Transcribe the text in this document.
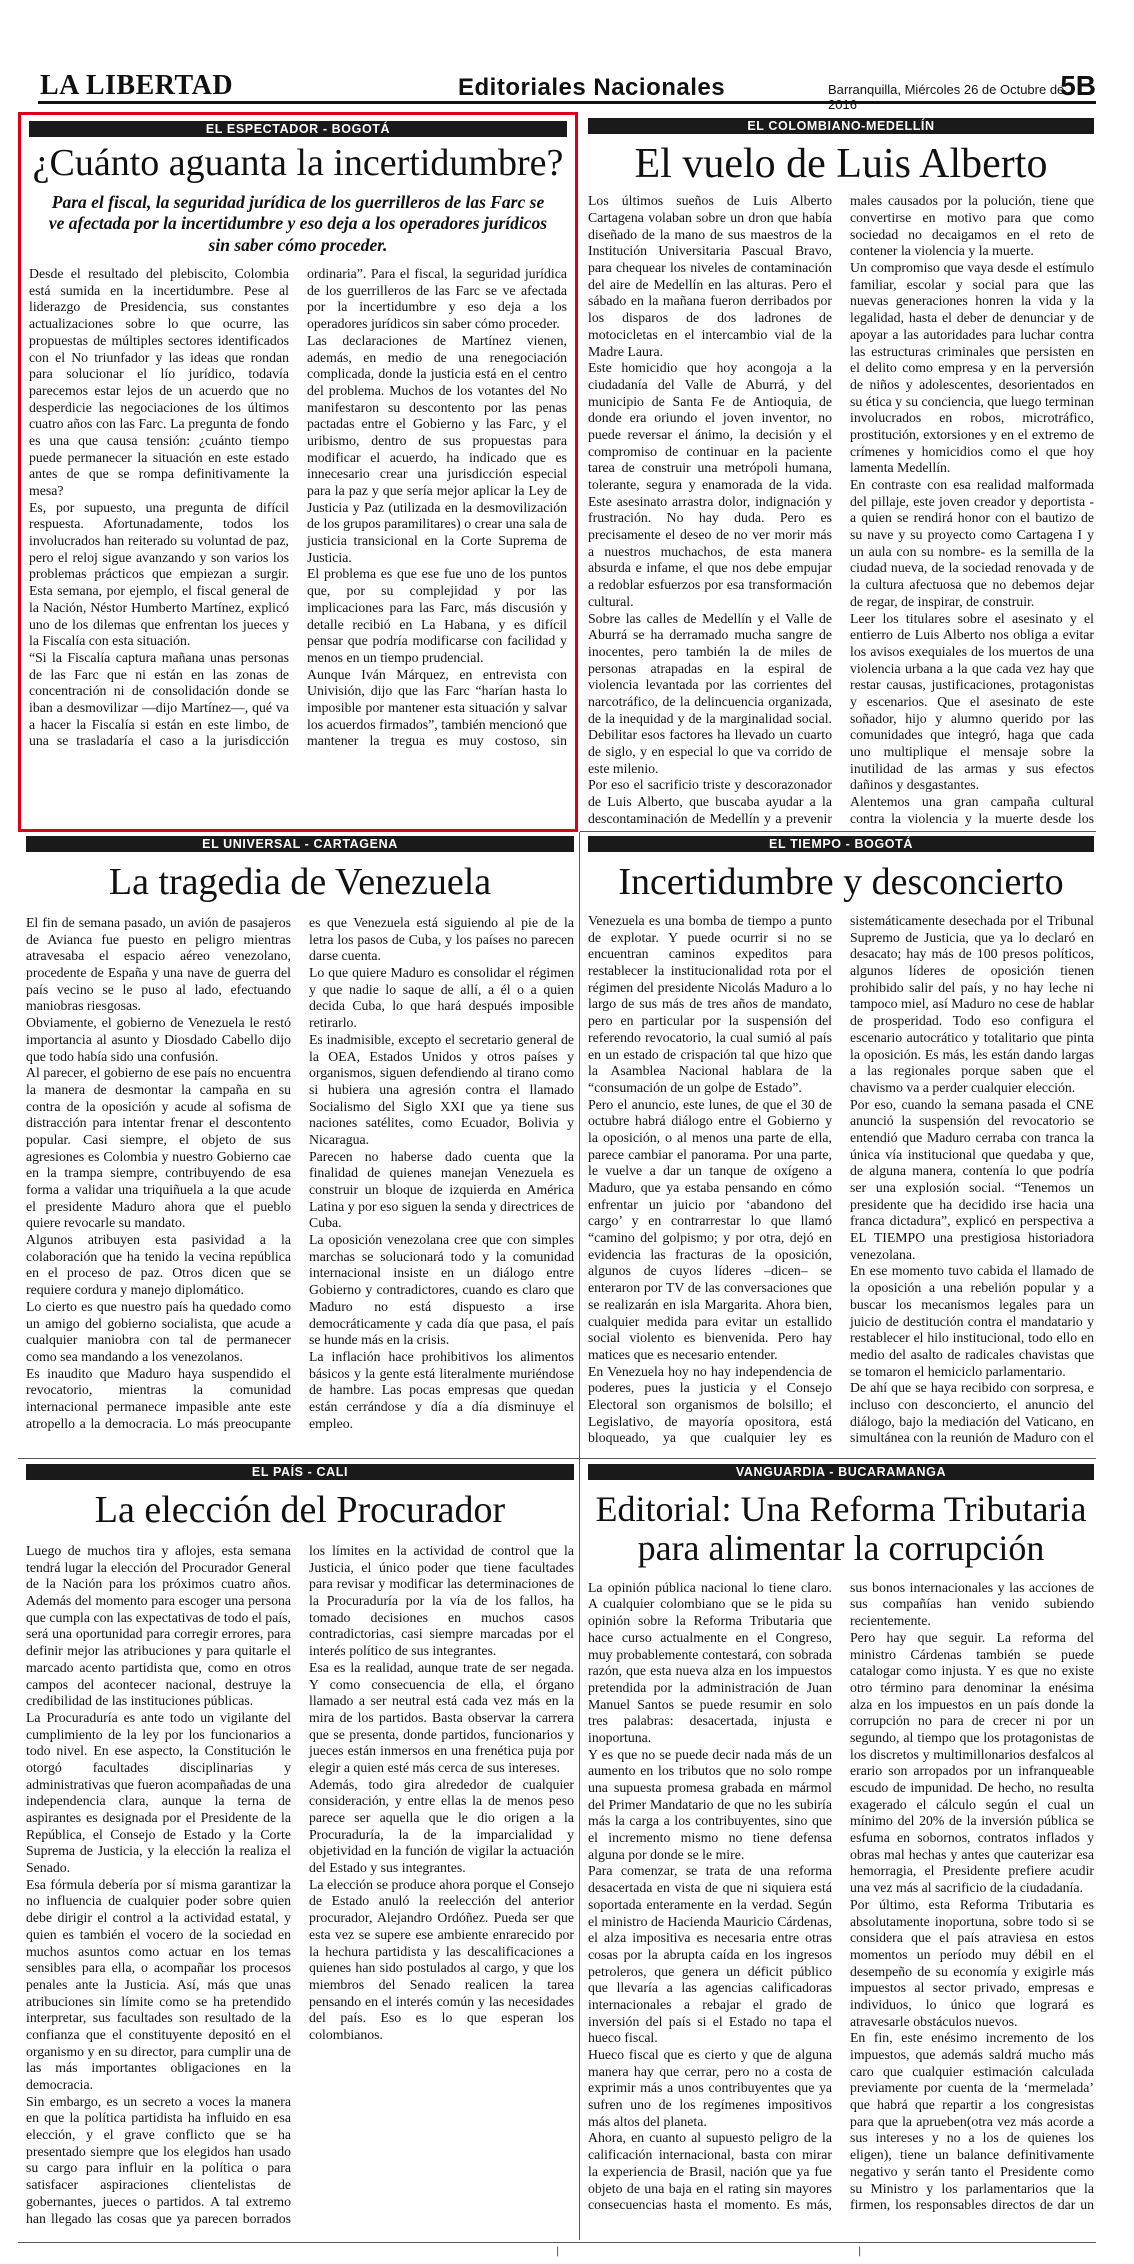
LA LIBERTAD	Editoriales Nacionales	Barranquilla, Miércoles 26 de Octubre de 2016
5B
EL ESPECTADOR - BOGOTÁ
¿Cuánto aguanta la incertidumbre?

Para el fiscal, la seguridad jurídica de los guerrilleros de las Farc se ve afectada por la incertidumbre y eso deja a los operadores jurídicos sin saber cómo proceder.

Desde el resultado del plebiscito, Colombia está sumida en la incertidumbre. Pese al liderazgo de Presidencia, sus constantes actualizaciones sobre lo que ocurre, las propuestas de múltiples sectores identificados con el No triunfador y las ideas que rondan para solucionar el lío jurídico, todavía parecemos estar lejos de un acuerdo que no desperdicie las negociaciones de los últimos cuatro años con las Farc. La pregunta de fondo es una que causa tensión: ¿cuánto tiempo puede permanecer la situación en este estado antes de que se rompa definitivamente la mesa?

Es, por supuesto, una pregunta de difícil respuesta. Afortunadamente, todos los involucrados han reiterado su voluntad de paz, pero el reloj sigue avanzando y son varios los problemas prácticos que empiezan a surgir. Esta semana, por ejemplo, el fiscal general de la Nación, Néstor Humberto Martínez, explicó uno de los dilemas que enfrentan los jueces y la Fiscalía con esta situación.

“Si la Fiscalía captura mañana unas personas de las Farc que ni están en las zonas de concentración ni de consolidación donde se iban a desmovilizar —dijo Martínez—, qué va a hacer la Fiscalía si están en este limbo, de una se trasladaría el caso a la jurisdicción ordinaria”. Para el fiscal, la seguridad jurídica de los guerrilleros de las Farc se ve afectada por la incertidumbre y eso deja a los operadores jurídicos sin saber cómo proceder.

Las declaraciones de Martínez vienen, además, en medio de una renegociación complicada, donde la justicia está en el centro del problema. Muchos de los votantes del No manifestaron su descontento por las penas pactadas entre el Gobierno y las Farc, y el uribismo, dentro de sus propuestas para modificar el acuerdo, ha indicado que es innecesario crear una jurisdicción especial para la paz y que sería mejor aplicar la Ley de Justicia y Paz (utilizada en la desmovilización de los grupos paramilitares) o crear una sala de justicia transicional en la Corte Suprema de Justicia.

El problema es que ese fue uno de los puntos que, por su complejidad y por las implicaciones para las Farc, más discusión y detalle recibió en La Habana, y es difícil pensar que podría modificarse con facilidad y menos en un tiempo prudencial.

Aunque Iván Márquez, en entrevista con Univisión, dijo que las Farc “harían hasta lo imposible por mantener esta situación y salvar los acuerdos firmados”, también mencionó que mantener la tregua es muy costoso, sin

EL COLOMBIANO-MEDELLÍN
El vuelo de Luis Alberto

Los últimos sueños de Luis Alberto Cartagena volaban sobre un dron que había diseñado de la mano de sus maestros de la Institución Universitaria Pascual Bravo, para chequear los niveles de contaminación del aire de Medellín en las alturas. Pero el sábado en la mañana fueron derribados por los disparos de dos ladrones de motocicletas en el intercambio vial de la Madre Laura.

Este homicidio que hoy acongoja a la ciudadanía del Valle de Aburrá, y del municipio de Santa Fe de Antioquia, de donde era oriundo el joven inventor, no puede reversar el ánimo, la decisión y el compromiso de continuar en la paciente tarea de construir una metrópoli humana, tolerante, segura y enamorada de la vida. Este asesinato arrastra dolor, indignación y frustración. No hay duda. Pero es precisamente el deseo de no ver morir más a nuestros muchachos, de esta manera absurda e infame, el que nos debe empujar a redoblar esfuerzos por esa transformación cultural.

Sobre las calles de Medellín y el Valle de Aburrá se ha derramado mucha sangre de inocentes, pero también la de miles de personas atrapadas en la espiral de violencia levantada por las corrientes del narcotráfico, de la delincuencia organizada, de la inequidad y de la marginalidad social. Debilitar esos factores ha llevado un cuarto de siglo, y en especial lo que va corrido de este milenio.

Por eso el sacrificio triste y descorazonador de Luis Alberto, que buscaba ayudar a la descontaminación de Medellín y a prevenir males causados por la polución, tiene que convertirse en motivo para que como sociedad no decaigamos en el reto de contener la violencia y la muerte.

Un compromiso que vaya desde el estímulo familiar, escolar y social para que las nuevas generaciones honren la vida y la legalidad, hasta el deber de denunciar y de apoyar a las autoridades para luchar contra las estructuras criminales que persisten en el delito como empresa y en la perversión de niños y adolescentes, desorientados en su ética y su conciencia, que luego terminan involucrados en robos, microtráfico, prostitución, extorsiones y en el extremo de crímenes y homicidios como el que hoy lamenta Medellín.

En contraste con esa realidad malformada del pillaje, este joven creador y deportista -a quien se rendirá honor con el bautizo de su nave y su proyecto como Cartagena I y un aula con su nombre- es la semilla de la ciudad nueva, de la sociedad renovada y de la cultura afectuosa que no debemos dejar de regar, de inspirar, de construir.

Leer los titulares sobre el asesinato y el entierro de Luis Alberto nos obliga a evitar los avisos exequiales de los muertos de una violencia urbana a la que cada vez hay que restar causas, justificaciones, protagonistas y escenarios. Que el asesinato de este soñador, hijo y alumno querido por las comunidades que integró, haga que cada uno multiplique el mensaje sobre la inutilidad de las armas y sus efectos dañinos y desgastantes.

Alentemos una gran campaña cultural contra la violencia y la muerte desde los

EL UNIVERSAL - CARTAGENA
La tragedia de Venezuela

El fin de semana pasado, un avión de pasajeros de Avianca fue puesto en peligro mientras atravesaba el espacio aéreo venezolano, procedente de España y una nave de guerra del país vecino se le puso al lado, efectuando maniobras riesgosas.

Obviamente, el gobierno de Venezuela le restó importancia al asunto y Diosdado Cabello dijo que todo había sido una confusión.

Al parecer, el gobierno de ese país no encuentra la manera de desmontar la campaña en su contra de la oposición y acude al sofisma de distracción para intentar frenar el descontento popular. Casi siempre, el objeto de sus agresiones es Colombia y nuestro Gobierno cae en la trampa siempre, contribuyendo de esa forma a validar una triquiñuela a la que acude el presidente Maduro ahora que el pueblo quiere revocarle su mandato.

Algunos atribuyen esta pasividad a la colaboración que ha tenido la vecina república en el proceso de paz. Otros dicen que se requiere cordura y manejo diplomático.

Lo cierto es que nuestro país ha quedado como un amigo del gobierno socialista, que acude a cualquier maniobra con tal de permanecer como sea mandando a los venezolanos.

Es inaudito que Maduro haya suspendido el revocatorio, mientras la comunidad internacional permanece impasible ante este atropello a la democracia. Lo más preocupante es que Venezuela está siguiendo al pie de la letra los pasos de Cuba, y los países no parecen darse cuenta.

Lo que quiere Maduro es consolidar el régimen y que nadie lo saque de allí, a él o a quien decida Cuba, lo que hará después imposible retirarlo.

Es inadmisible, excepto el secretario general de la OEA, Estados Unidos y otros países y organismos, siguen defendiendo al tirano como si hubiera una agresión contra el llamado Socialismo del Siglo XXI que ya tiene sus naciones satélites, como Ecuador, Bolivia y Nicaragua.

Parecen no haberse dado cuenta que la finalidad de quienes manejan Venezuela es construir un bloque de izquierda en América Latina y por eso siguen la senda y directrices de Cuba.

La oposición venezolana cree que con simples marchas se solucionará todo y la comunidad internacional insiste en un diálogo entre Gobierno y contradictores, cuando es claro que Maduro no está dispuesto a irse democráticamente y cada día que pasa, el país se hunde más en la crisis.

La inflación hace prohibitivos los alimentos básicos y la gente está literalmente muriéndose de hambre. Las pocas empresas que quedan están cerrándose y día a día disminuye el empleo.

EL TIEMPO - BOGOTÁ
Incertidumbre y desconcierto

Venezuela es una bomba de tiempo a punto de explotar. Y puede ocurrir si no se encuentran caminos expeditos para restablecer la institucionalidad rota por el régimen del presidente Nicolás Maduro a lo largo de sus más de tres años de mandato, pero en particular por la suspensión del referendo revocatorio, la cual sumió al país en un estado de crispación tal que hizo que la Asamblea Nacional hablara de la “consumación de un golpe de Estado”.

Pero el anuncio, este lunes, de que el 30 de octubre habrá diálogo entre el Gobierno y la oposición, o al menos una parte de ella, parece cambiar el panorama. Por una parte, le vuelve a dar un tanque de oxígeno a Maduro, que ya estaba pensando en cómo enfrentar un juicio por ‘abandono del cargo’ y en contrarrestar lo que llamó “camino del golpismo; y por otra, dejó en evidencia las fracturas de la oposición, algunos de cuyos líderes –dicen– se enteraron por TV de las conversaciones que se realizarán en isla Margarita. Ahora bien, cualquier medida para evitar un estallido social violento es bienvenida. Pero hay matices que es necesario entender.

En Venezuela hoy no hay independencia de poderes, pues la justicia y el Consejo Electoral son organismos de bolsillo; el Legislativo, de mayoría opositora, está bloqueado, ya que cualquier ley es sistemáticamente desechada por el Tribunal Supremo de Justicia, que ya lo declaró en desacato; hay más de 100 presos políticos, algunos líderes de oposición tienen prohibido salir del país, y no hay leche ni tampoco miel, así Maduro no cese de hablar de prosperidad. Todo eso configura el escenario autocrático y totalitario que pinta la oposición. Es más, les están dando largas a las regionales porque saben que el chavismo va a perder cualquier elección.

Por eso, cuando la semana pasada el CNE anunció la suspensión del revocatorio se entendió que Maduro cerraba con tranca la única vía institucional que quedaba y que, de alguna manera, contenía lo que podría ser una explosión social. “Tenemos un presidente que ha decidido irse hacia una franca dictadura”, explicó en perspectiva a EL TIEMPO una prestigiosa historiadora venezolana.

En ese momento tuvo cabida el llamado de la oposición a una rebelión popular y a buscar los mecanismos legales para un juicio de destitución contra el mandatario y restablecer el hilo institucional, todo ello en medio del asalto de radicales chavistas que se tomaron el hemiciclo parlamentario.

De ahí que se haya recibido con sorpresa, e incluso con desconcierto, el anuncio del diálogo, bajo la mediación del Vaticano, en simultánea con la reunión de Maduro con el

EL PAÍS - CALI
La elección del Procurador

Luego de muchos tira y aflojes, esta semana tendrá lugar la elección del Procurador General de la Nación para los próximos cuatro años. Además del momento para escoger una persona que cumpla con las expectativas de todo el país, será una oportunidad para corregir errores, para definir mejor las atribuciones y para quitarle el marcado acento partidista que, como en otros campos del acontecer nacional, destruye la credibilidad de las instituciones públicas.

La Procuraduría es ante todo un vigilante del cumplimiento de la ley por los funcionarios a todo nivel. En ese aspecto, la Constitución le otorgó facultades disciplinarias y administrativas que fueron acompañadas de una independencia clara, aunque la terna de aspirantes es designada por el Presidente de la República, el Consejo de Estado y la Corte Suprema de Justicia, y la elección la realiza el Senado.

Esa fórmula debería por sí misma garantizar la no influencia de cualquier poder sobre quien debe dirigir el control a la actividad estatal, y quien es también el vocero de la sociedad en muchos asuntos como actuar en los temas sensibles para ella, o acompañar los procesos penales ante la Justicia. Así, más que unas atribuciones sin límite como se ha pretendido interpretar, sus facultades son resultado de la confianza que el constituyente depositó en el organismo y en su director, para cumplir una de las más importantes obligaciones en la democracia.

Sin embargo, es un secreto a voces la manera en que la política partidista ha influido en esa elección, y el grave conflicto que se ha presentado siempre que los elegidos han usado su cargo para influir en la política o para satisfacer aspiraciones clientelistas de gobernantes, jueces o partidos. A tal extremo han llegado las cosas que ya parecen borrados los límites en la actividad de control que la Justicia, el único poder que tiene facultades para revisar y modificar las determinaciones de la Procuraduría por la vía de los fallos, ha tomado decisiones en muchos casos contradictorias, casi siempre marcadas por el interés político de sus integrantes.

Esa es la realidad, aunque trate de ser negada. Y como consecuencia de ella, el órgano llamado a ser neutral está cada vez más en la mira de los partidos. Basta observar la carrera que se presenta, donde partidos, funcionarios y jueces están inmersos en una frenética puja por elegir a quien esté más cerca de sus intereses.

Además, todo gira alrededor de cualquier consideración, y entre ellas la de menos peso parece ser aquella que le dio origen a la Procuraduría, la de la imparcialidad y objetividad en la función de vigilar la actuación del Estado y sus integrantes.

La elección se produce ahora porque el Consejo de Estado anuló la reelección del anterior procurador, Alejandro Ordóñez. Pueda ser que esta vez se supere ese ambiente enrarecido por la hechura partidista y las descalificaciones a quienes han sido postulados al cargo, y que los miembros del Senado realicen la tarea pensando en el interés común y las necesidades del país. Eso es lo que esperan los colombianos.

VANGUARDIA - BUCARAMANGA
Editorial: Una Reforma Tributaria para alimentar la corrupción

La opinión pública nacional lo tiene claro. A cualquier colombiano que se le pida su opinión sobre la Reforma Tributaria que hace curso actualmente en el Congreso, muy probablemente contestará, con sobrada razón, que esta nueva alza en los impuestos pretendida por la administración de Juan Manuel Santos se puede resumir en solo tres palabras: desacertada, injusta e inoportuna.

Y es que no se puede decir nada más de un aumento en los tributos que no solo rompe una supuesta promesa grabada en mármol del Primer Mandatario de que no les subiría más la carga a los contribuyentes, sino que el incremento mismo no tiene defensa alguna por donde se le mire.

Para comenzar, se trata de una reforma desacertada en vista de que ni siquiera está soportada enteramente en la verdad. Según el ministro de Hacienda Mauricio Cárdenas, el alza impositiva es necesaria entre otras cosas por la abrupta caída en los ingresos petroleros, que genera un déficit público que llevaría a las agencias calificadoras internacionales a rebajar el grado de inversión del país si el Estado no tapa el hueco fiscal.

Hueco fiscal que es cierto y que de alguna manera hay que cerrar, pero no a costa de exprimir más a unos contribuyentes que ya sufren uno de los regímenes impositivos más altos del planeta.

Ahora, en cuanto al supuesto peligro de la calificación internacional, basta con mirar la experiencia de Brasil, nación que ya fue objeto de una baja en el rating sin mayores consecuencias hasta el momento. Es más, sus bonos internacionales y las acciones de sus compañías han venido subiendo recientemente.

Pero hay que seguir. La reforma del ministro Cárdenas también se puede catalogar como injusta. Y es que no existe otro término para denominar la enésima alza en los impuestos en un país donde la corrupción no para de crecer ni por un segundo, al tiempo que los protagonistas de los discretos y multimillonarios desfalcos al erario son arropados por un infranqueable escudo de impunidad. De hecho, no resulta exagerado el cálculo según el cual un mínimo del 20% de la inversión pública se esfuma en sobornos, contratos inflados y obras mal hechas y antes que cauterizar esa hemorragia, el Presidente prefiere acudir una vez más al sacrificio de la ciudadanía.

Por último, esta Reforma Tributaria es absolutamente inoportuna, sobre todo si se considera que el país atraviesa en estos momentos un período muy débil en el desempeño de su economía y exigirle más impuestos al sector privado, empresas e individuos, lo único que logrará es atravesarle obstáculos nuevos.

En fin, este enésimo incremento de los impuestos, que además saldrá mucho más caro que cualquier estimación calculada previamente por cuenta de la ‘mermelada’ que habrá que repartir a los congresistas para que la aprueben(otra vez más acorde a sus intereses y no a los de quienes los eligen), tiene un balance definitivamente negativo y serán tanto el Presidente como su Ministro y los parlamentarios que la firmen, los responsables directos de dar un

|	|
